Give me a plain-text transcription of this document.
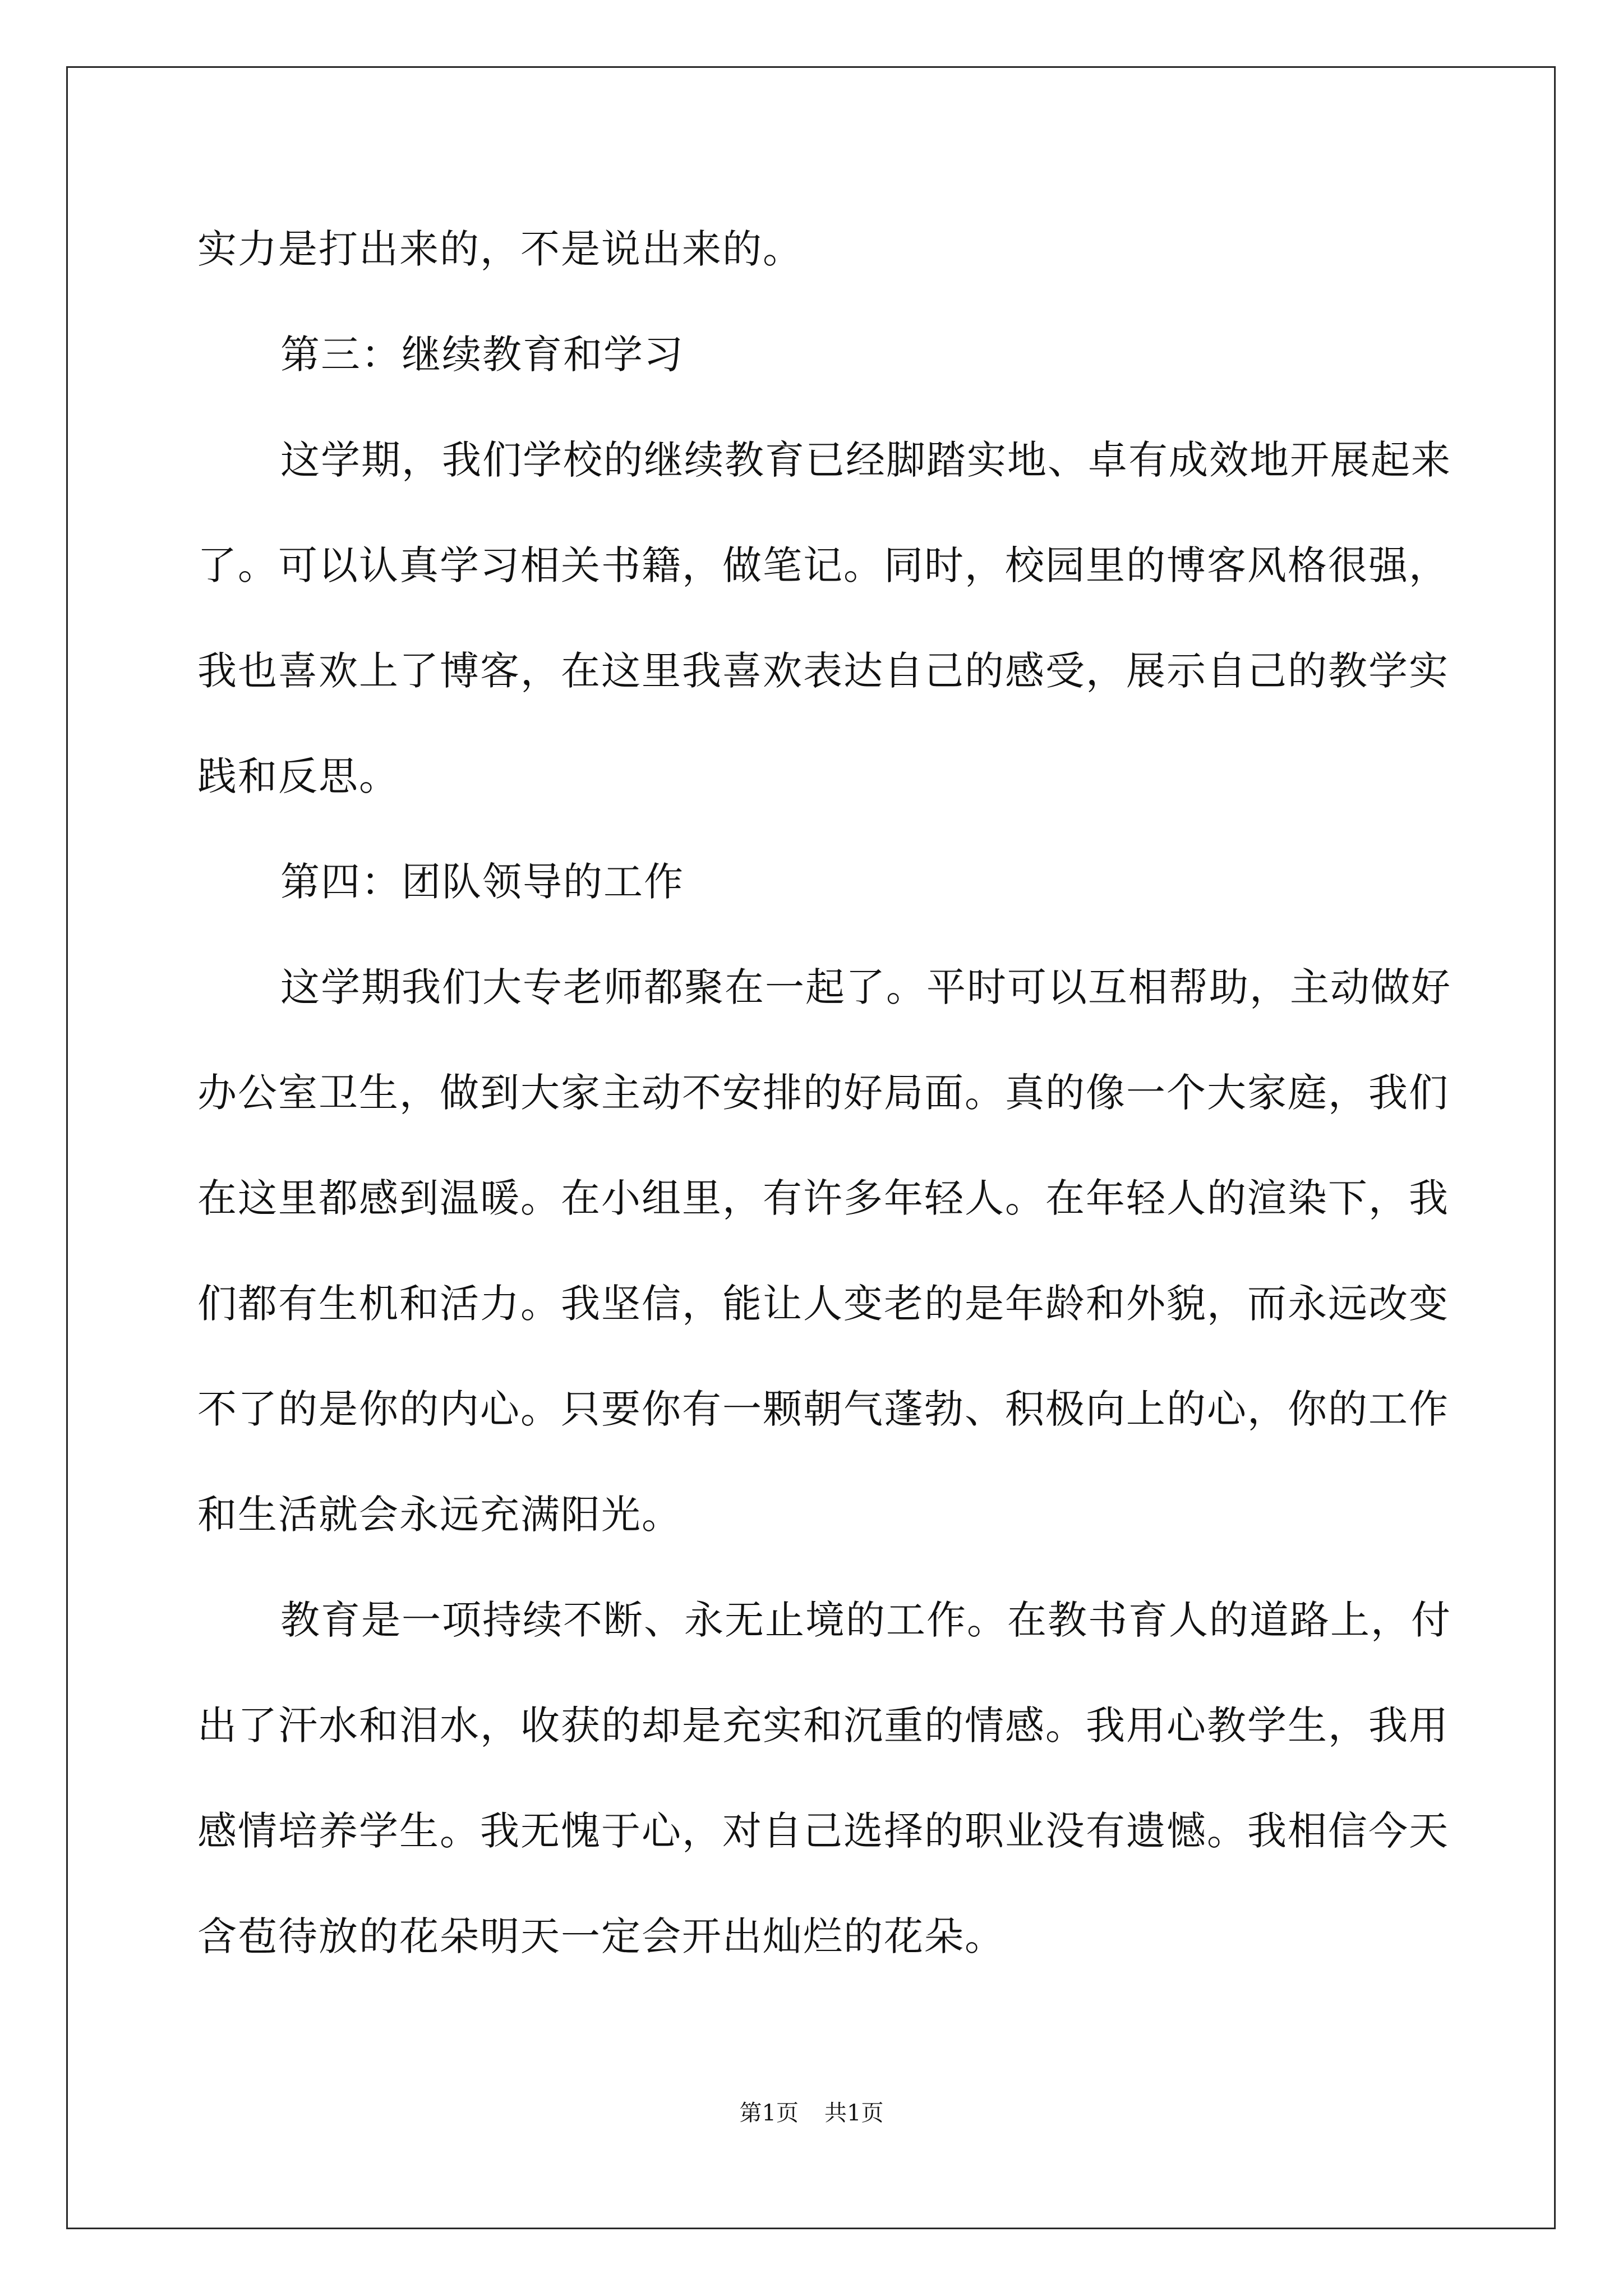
实力是打出来的，不是说出来的。

第三：继续教育和学习

这学期，我们学校的继续教育已经脚踏实地、卓有成效地开展起来了。可以认真学习相关书籍，做笔记。同时，校园里的博客风格很强，我也喜欢上了博客，在这里我喜欢表达自己的感受，展示自己的教学实践和反思。

第四：团队领导的工作

这学期我们大专老师都聚在一起了。平时可以互相帮助，主动做好办公室卫生，做到大家主动不安排的好局面。真的像一个大家庭，我们在这里都感到温暖。在小组里，有许多年轻人。在年轻人的渲染下，我们都有生机和活力。我坚信，能让人变老的是年龄和外貌，而永远改变不了的是你的内心。只要你有一颗朝气蓬勃、积极向上的心，你的工作和生活就会永远充满阳光。

教育是一项持续不断、永无止境的工作。在教书育人的道路上，付出了汗水和泪水，收获的却是充实和沉重的情感。我用心教学生，我用感情培养学生。我无愧于心，对自己选择的职业没有遗憾。我相信今天含苞待放的花朵明天一定会开出灿烂的花朵。

第1页 共1页
